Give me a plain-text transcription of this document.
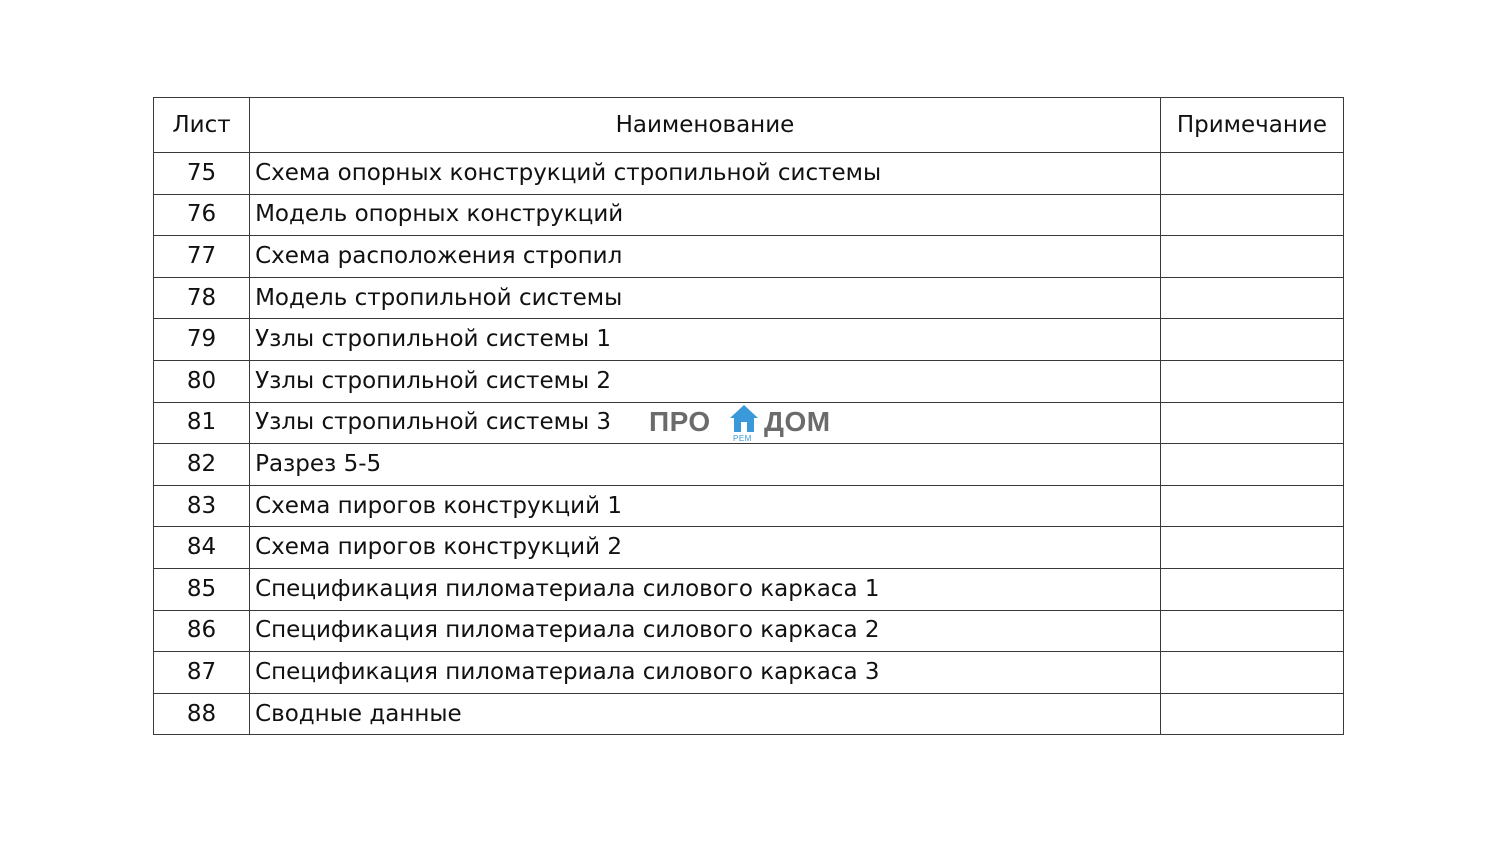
Лист	Наименование	Примечание
75	Схема опорных конструкций стропильной системы	
76	Модель опорных конструкций	
77	Схема расположения стропил	
78	Модель стропильной системы	
79	Узлы стропильной системы 1	
80	Узлы стропильной системы 2	
81	Узлы стропильной системы 3	
82	Разрез 5-5	
83	Схема пирогов конструкций 1	
84	Схема пирогов конструкций 2	
85	Спецификация пиломатериала силового каркаса 1	
86	Спецификация пиломатериала силового каркаса 2	
87	Спецификация пиломатериала силового каркаса 3	
88	Сводные данные	
ПРО
РЕМ
ДОМ
